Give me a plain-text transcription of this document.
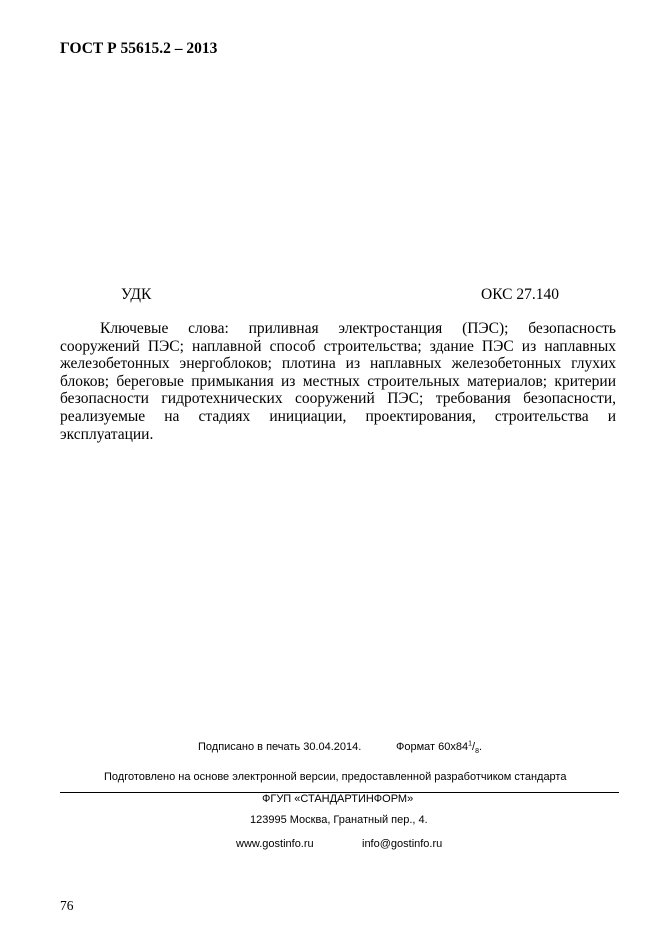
ГОСТ Р 55615.2 – 2013
УДК	ОКС 27.140

Ключевые слова: приливная электростанция (ПЭС); безопасность сооружений ПЭС; наплавной способ строительства; здание ПЭС из наплавных железобетонных энергоблоков; плотина из наплавных железобетонных глухих блоков; береговые примыкания из местных строительных материалов; критерии безопасности гидротехнических сооружений ПЭС; требования безопасности, реализуемые на стадиях инициации, проектирования, строительства и эксплуатации.

Подписано в печать 30.04.2014.	Формат $60х84^1/_8$.
Подготовлено на основе электронной версии, предоставленной разработчиком стандарта
ФГУП «СТАНДАРТИНФОРМ»
123995 Москва, Гранатный пер., 4.
www.gostinfo.ru	info@gostinfo.ru
76
